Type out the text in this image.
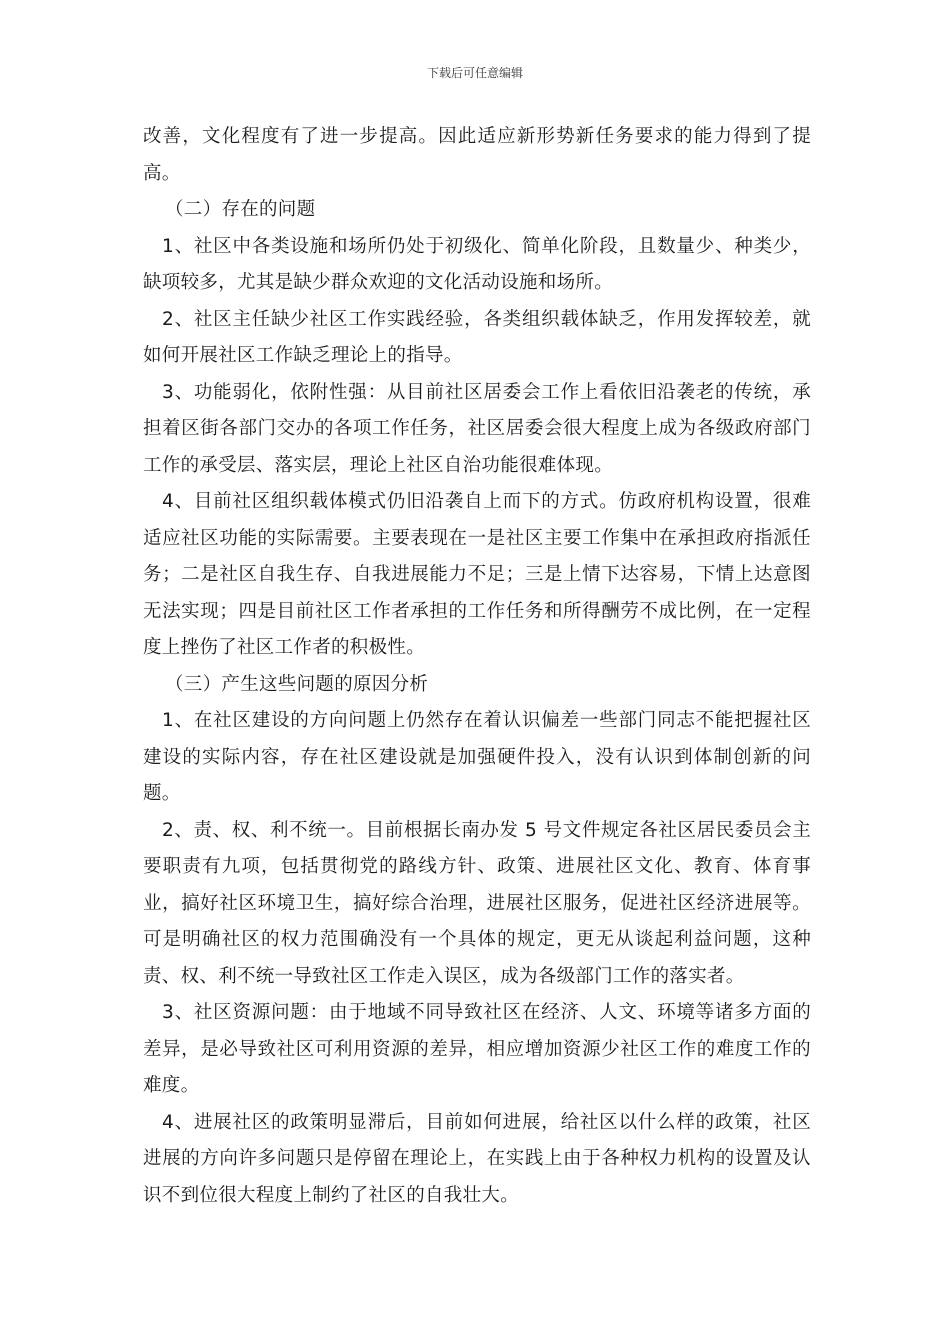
下载后可任意编辑

改善，文化程度有了进一步提高。因此适应新形势新任务要求的能力得到了提高。

（二）存在的问题

1、社区中各类设施和场所仍处于初级化、简单化阶段，且数量少、种类少，缺项较多，尤其是缺少群众欢迎的文化活动设施和场所。

2、社区主任缺少社区工作实践经验，各类组织载体缺乏，作用发挥较差，就如何开展社区工作缺乏理论上的指导。

3、功能弱化，依附性强：从目前社区居委会工作上看依旧沿袭老的传统，承担着区街各部门交办的各项工作任务，社区居委会很大程度上成为各级政府部门工作的承受层、落实层，理论上社区自治功能很难体现。

4、目前社区组织载体模式仍旧沿袭自上而下的方式。仿政府机构设置，很难适应社区功能的实际需要。主要表现在一是社区主要工作集中在承担政府指派任务；二是社区自我生存、自我进展能力不足；三是上情下达容易，下情上达意图无法实现；四是目前社区工作者承担的工作任务和所得酬劳不成比例，在一定程度上挫伤了社区工作者的积极性。

（三）产生这些问题的原因分析

1、在社区建设的方向问题上仍然存在着认识偏差一些部门同志不能把握社区建设的实际内容，存在社区建设就是加强硬件投入，没有认识到体制创新的问题。

2、责、权、利不统一。目前根据长南办发 5 号文件规定各社区居民委员会主要职责有九项，包括贯彻党的路线方针、政策、进展社区文化、教育、体育事业，搞好社区环境卫生，搞好综合治理，进展社区服务，促进社区经济进展等。可是明确社区的权力范围确没有一个具体的规定，更无从谈起利益问题，这种责、权、利不统一导致社区工作走入误区，成为各级部门工作的落实者。

3、社区资源问题：由于地域不同导致社区在经济、人文、环境等诸多方面的差异，是必导致社区可利用资源的差异，相应增加资源少社区工作的难度工作的难度。

4、进展社区的政策明显滞后，目前如何进展，给社区以什么样的政策，社区进展的方向许多问题只是停留在理论上，在实践上由于各种权力机构的设置及认识不到位很大程度上制约了社区的自我壮大。
